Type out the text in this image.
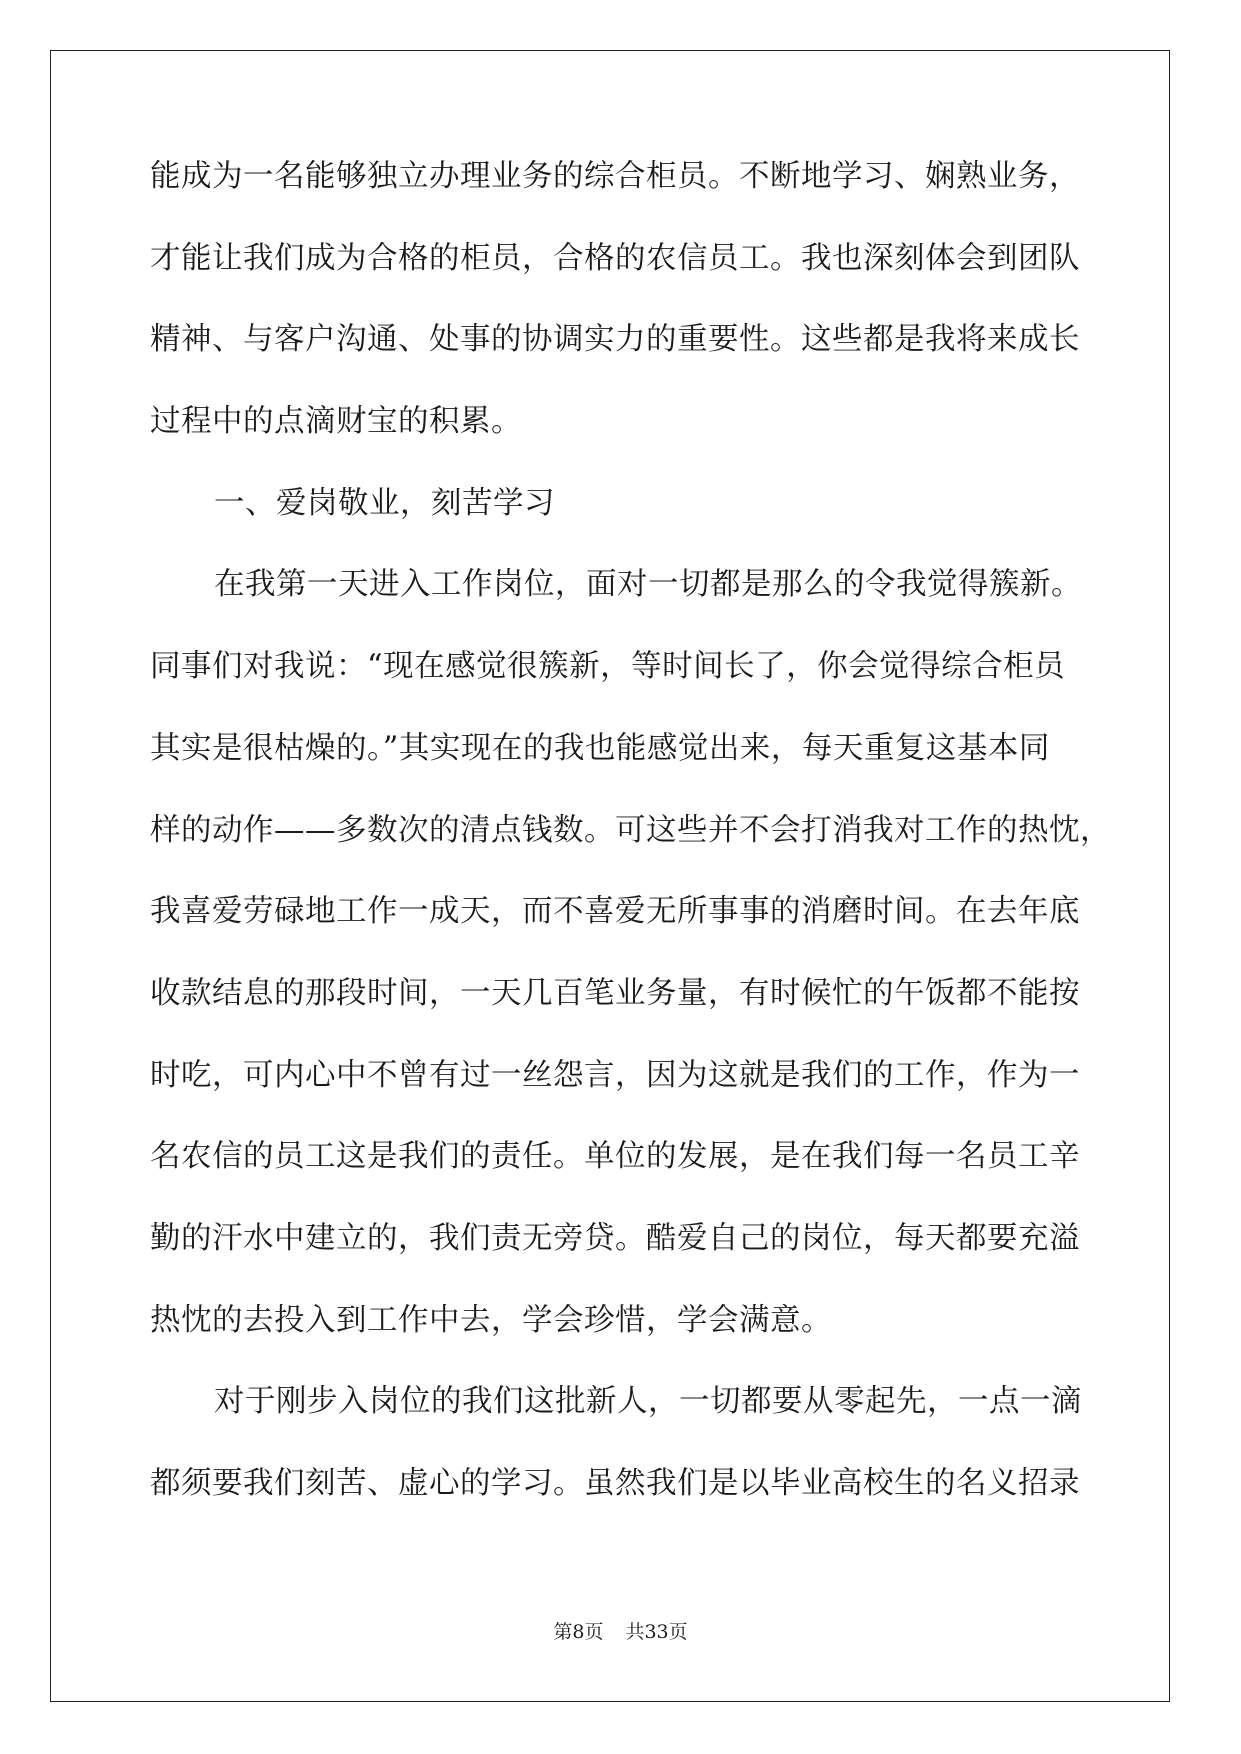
能成为一名能够独立办理业务的综合柜员。不断地学习、娴熟业务，
才能让我们成为合格的柜员，合格的农信员工。我也深刻体会到团队
精神、与客户沟通、处事的协调实力的重要性。这些都是我将来成长
过程中的点滴财宝的积累。
一、爱岗敬业，刻苦学习
在我第一天进入工作岗位，面对一切都是那么的令我觉得簇新。
同事们对我说：“现在感觉很簇新，等时间长了，你会觉得综合柜员
其实是很枯燥的。”其实现在的我也能感觉出来，每天重复这基本同
样的动作——多数次的清点钱数。可这些并不会打消我对工作的热忱，
我喜爱劳碌地工作一成天，而不喜爱无所事事的消磨时间。在去年底
收款结息的那段时间，一天几百笔业务量，有时候忙的午饭都不能按
时吃，可内心中不曾有过一丝怨言，因为这就是我们的工作，作为一
名农信的员工这是我们的责任。单位的发展，是在我们每一名员工辛
勤的汗水中建立的，我们责无旁贷。酷爱自己的岗位，每天都要充溢
热忱的去投入到工作中去，学会珍惜，学会满意。
对于刚步入岗位的我们这批新人，一切都要从零起先，一点一滴
都须要我们刻苦、虚心的学习。虽然我们是以毕业高校生的名义招录
第8页 共33页
